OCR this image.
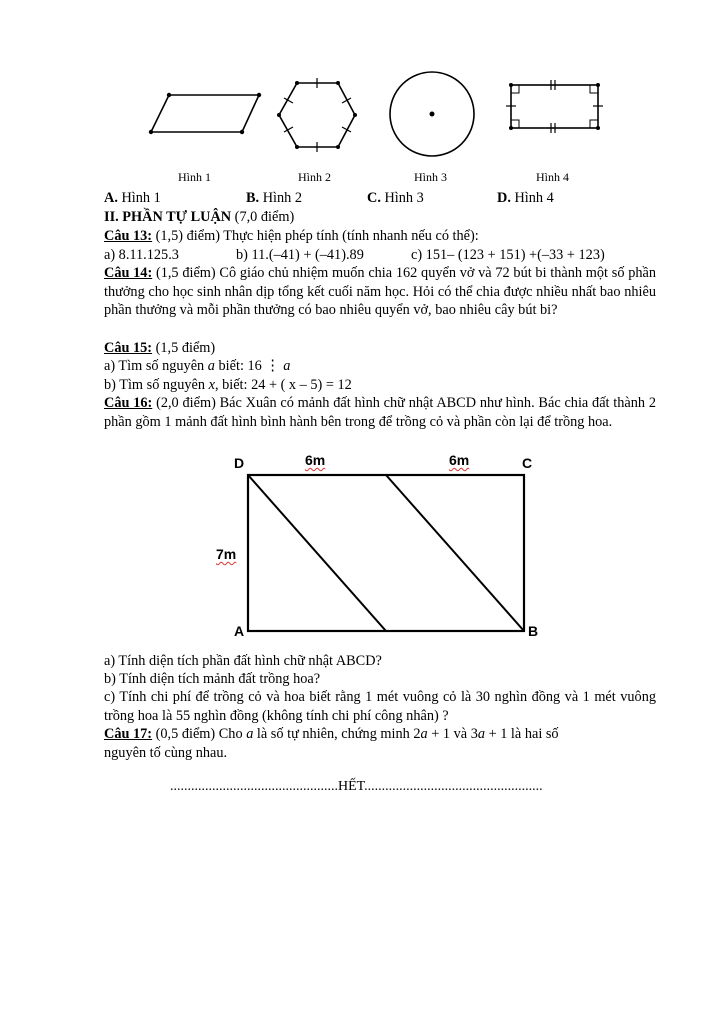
Hình 1	Hình 2	Hình 3	Hình 4
A. Hình 1	B. Hình 2	C. Hình 3	D. Hình 4
II. PHẦN TỰ LUẬN (7,0 điểm)
Câu 13: (1,5) điểm) Thực hiện phép tính (tính nhanh nếu có thể):
a) 8.11.125.3	b) 11.(–41) + (–41).89	c) 151– (123 + 151) +(–33 + 123)
Câu 14: (1,5 điểm) Cô giáo chủ nhiệm muốn chia 162 quyển vở và 72 bút bi thành một số phần thưởng cho học sinh nhân dịp tổng kết cuối năm học. Hỏi có thể chia được nhiều nhất bao nhiêu phần thưởng và mỗi phần thưởng có bao nhiêu quyển vở, bao nhiêu cây bút bi?
Câu 15: (1,5 điểm)
a) Tìm số nguyên a biết: 16 ⋮ a
b) Tìm số nguyên x, biết: 24 + ( x – 5) = 12
Câu 16: (2,0 điểm) Bác Xuân có mảnh đất hình chữ nhật ABCD như hình. Bác chia đất thành 2 phần gồm 1 mảnh đất hình bình hành bên trong để trồng cỏ và phần còn lại để trồng hoa.
D	C
A	B
6m	6m
7m
a) Tính diện tích phần đất hình chữ nhật ABCD?
b) Tính diện tích mảnh đất trồng hoa?
c) Tính chi phí để trồng cỏ và hoa biết rằng 1 mét vuông cỏ là 30 nghìn đồng và 1 mét vuông trồng hoa là 55 nghìn đồng (không tính chi phí công nhân) ?
Câu 17: (0,5 điểm) Cho a là số tự nhiên, chứng minh 2a + 1 và 3a + 1 là hai số
nguyên tố cùng nhau.
................................................HẾT...................................................
